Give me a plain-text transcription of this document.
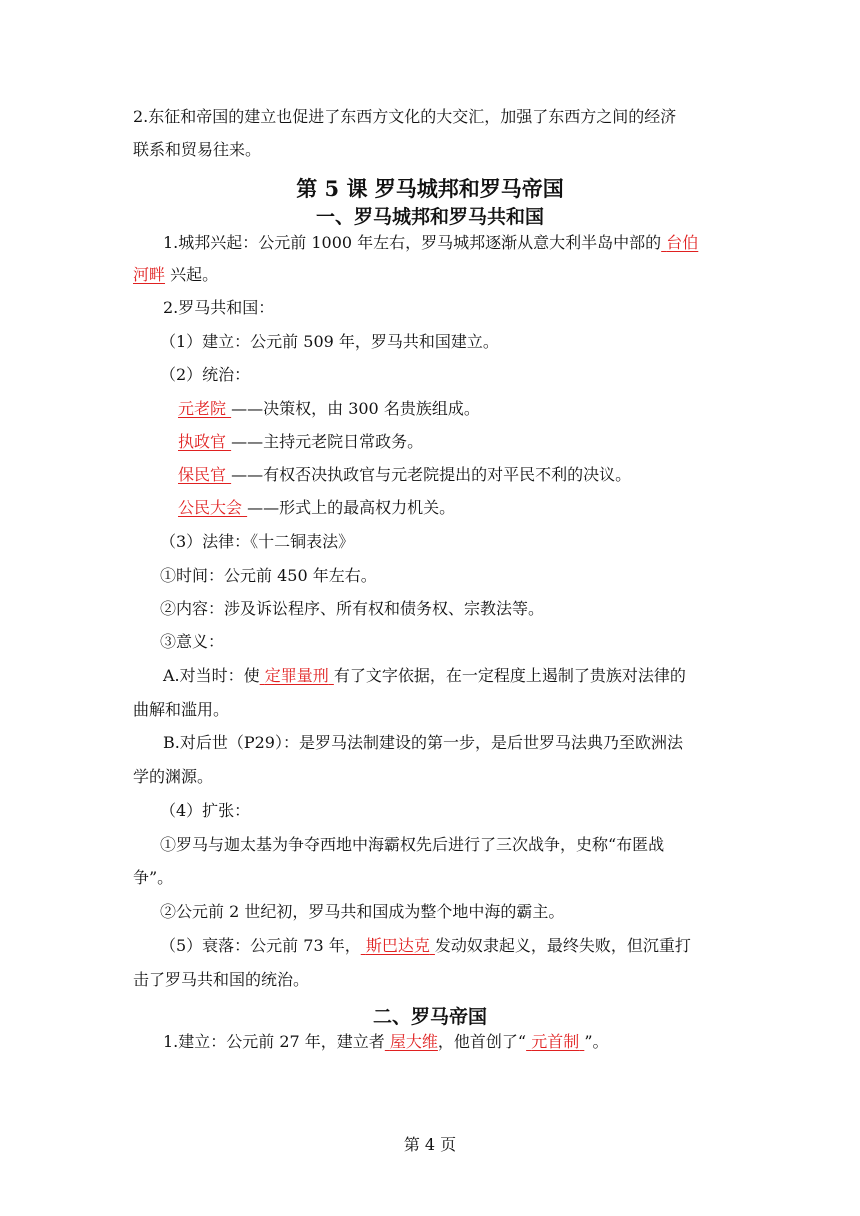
2.东征和帝国的建立也促进了东西方文化的大交汇，加强了东西方之间的经济
联系和贸易往来。
第 5 课 罗马城邦和罗马帝国
一、罗马城邦和罗马共和国
1.城邦兴起：公元前 1000 年左右，罗马城邦逐渐从意大利半岛中部的 台伯
河畔 兴起。
2.罗马共和国：
（1）建立：公元前 509 年，罗马共和国建立。
（2）统治：
元老院 ——决策权，由 300 名贵族组成。
执政官 ——主持元老院日常政务。
保民官 ——有权否决执政官与元老院提出的对平民不利的决议。
公民大会 ——形式上的最高权力机关。
（3）法律：《十二铜表法》
①时间：公元前 450 年左右。
②内容：涉及诉讼程序、所有权和债务权、宗教法等。
③意义：
A.对当时：使 定罪量刑 有了文字依据，在一定程度上遏制了贵族对法律的
曲解和滥用。
B.对后世（P29）：是罗马法制建设的第一步，是后世罗马法典乃至欧洲法
学的渊源。
（4）扩张：
①罗马与迦太基为争夺西地中海霸权先后进行了三次战争，史称“布匿战
争”。
②公元前 2 世纪初，罗马共和国成为整个地中海的霸主。
（5）衰落：公元前 73 年， 斯巴达克 发动奴隶起义，最终失败，但沉重打
击了罗马共和国的统治。
二、罗马帝国
1.建立：公元前 27 年，建立者 屋大维，他首创了“ 元首制 ”。
第 4 页
